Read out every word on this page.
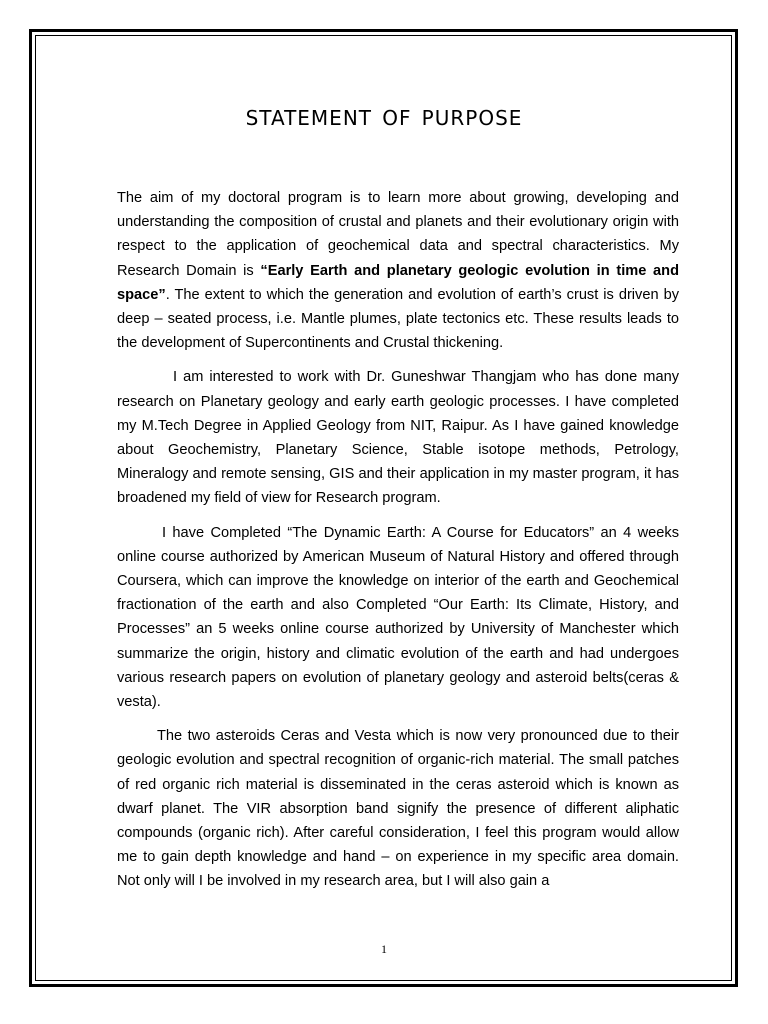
statement of purpose

The aim of my doctoral program is to learn more about growing, developing and understanding the composition of crustal and planets and their evolutionary origin with respect to the application of geochemical data and spectral characteristics. My Research Domain is “Early Earth and planetary geologic evolution in time and space”. The extent to which the generation and evolution of earth’s crust is driven by deep – seated process, i.e. Mantle plumes, plate tectonics etc. These results leads to the development of Supercontinents and Crustal thickening.

I am interested to work with Dr. Guneshwar Thangjam who has done many research on Planetary geology and early earth geologic processes. I have completed my M.Tech Degree in Applied Geology from NIT, Raipur. As I have gained knowledge about Geochemistry, Planetary Science, Stable isotope methods, Petrology, Mineralogy and remote sensing, GIS and their application in my master program, it has broadened my field of view for Research program.

I have Completed “The Dynamic Earth: A Course for Educators” an 4 weeks online course authorized by American Museum of Natural History and offered through Coursera, which can improve the knowledge on interior of the earth and Geochemical fractionation of the earth and also Completed “Our Earth: Its Climate, History, and Processes” an 5 weeks online course authorized by University of Manchester which summarize the origin, history and climatic evolution of the earth and had undergoes various research papers on evolution of planetary geology and asteroid belts(ceras & vesta).

The two asteroids Ceras and Vesta which is now very pronounced due to their geologic evolution and spectral recognition of organic-rich material. The small patches of red organic rich material is disseminated in the ceras asteroid which is known as dwarf planet. The VIR absorption band signify the presence of different aliphatic compounds (organic rich). After careful consideration, I feel this program would allow me to gain depth knowledge and hand – on experience in my specific area domain. Not only will I be involved in my research area, but I will also gain a

1
